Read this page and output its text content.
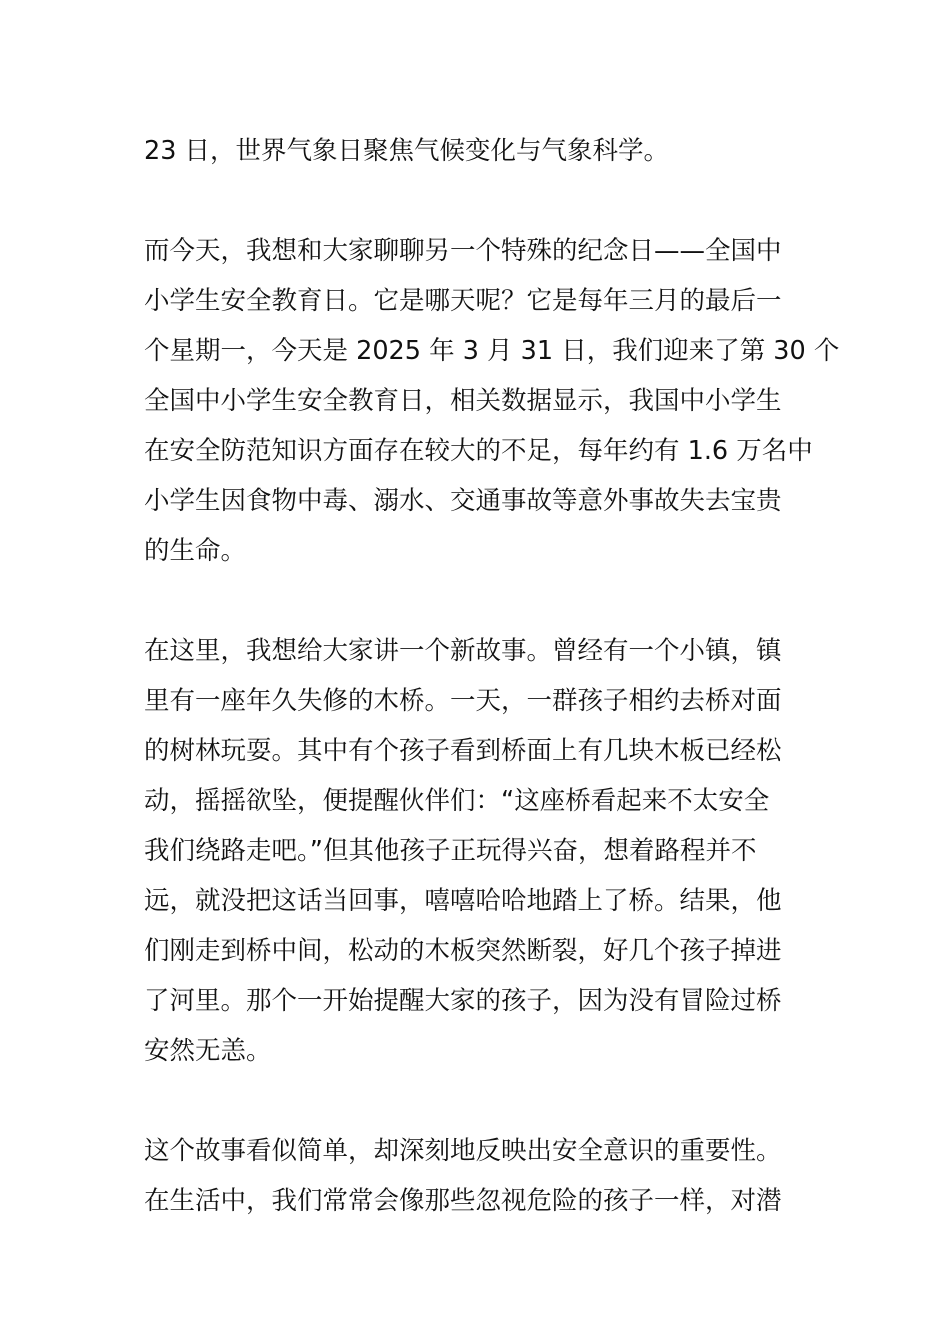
23 日，世界气象日聚焦气候变化与气象科学。

而今天，我想和大家聊聊另一个特殊的纪念日——全国中
小学生安全教育日。它是哪天呢？它是每年三月的最后一
个星期一，今天是 2025 年 3 月 31 日，我们迎来了第 30 个
全国中小学生安全教育日，相关数据显示，我国中小学生
在安全防范知识方面存在较大的不足，每年约有 1.6 万名中
小学生因食物中毒、溺水、交通事故等意外事故失去宝贵
的生命。

在这里，我想给大家讲一个新故事。曾经有一个小镇，镇
里有一座年久失修的木桥。一天，一群孩子相约去桥对面
的树林玩耍。其中有个孩子看到桥面上有几块木板已经松
动，摇摇欲坠，便提醒伙伴们：“这座桥看起来不太安全
我们绕路走吧。”但其他孩子正玩得兴奋，想着路程并不
远，就没把这话当回事，嘻嘻哈哈地踏上了桥。结果，他
们刚走到桥中间，松动的木板突然断裂，好几个孩子掉进
了河里。那个一开始提醒大家的孩子，因为没有冒险过桥
安然无恙。

这个故事看似简单，却深刻地反映出安全意识的重要性。
在生活中，我们常常会像那些忽视危险的孩子一样，对潜
